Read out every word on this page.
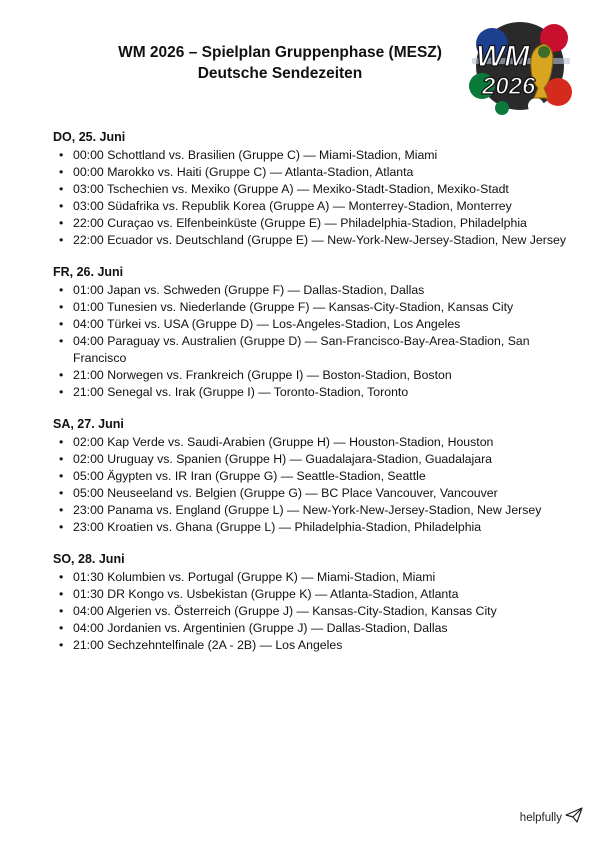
WM 2026 – Spielplan Gruppenphase (MESZ)
Deutsche Sendezeiten
WM
2026
DO, 25. Juni
• 00:00 Schottland vs. Brasilien (Gruppe C) — Miami-Stadion, Miami
• 00:00 Marokko vs. Haiti (Gruppe C) — Atlanta-Stadion, Atlanta
• 03:00 Tschechien vs. Mexiko (Gruppe A) — Mexiko-Stadt-Stadion, Mexiko-Stadt
• 03:00 Südafrika vs. Republik Korea (Gruppe A) — Monterrey-Stadion, Monterrey
• 22:00 Curaçao vs. Elfenbeinküste (Gruppe E) — Philadelphia-Stadion, Philadelphia
• 22:00 Ecuador vs. Deutschland (Gruppe E) — New-York-New-Jersey-Stadion, New Jersey
FR, 26. Juni
• 01:00 Japan vs. Schweden (Gruppe F) — Dallas-Stadion, Dallas
• 01:00 Tunesien vs. Niederlande (Gruppe F) — Kansas-City-Stadion, Kansas City
• 04:00 Türkei vs. USA (Gruppe D) — Los-Angeles-Stadion, Los Angeles
• 04:00 Paraguay vs. Australien (Gruppe D) — San-Francisco-Bay-Area-Stadion, San Francisco
• 21:00 Norwegen vs. Frankreich (Gruppe I) — Boston-Stadion, Boston
• 21:00 Senegal vs. Irak (Gruppe I) — Toronto-Stadion, Toronto
SA, 27. Juni
• 02:00 Kap Verde vs. Saudi-Arabien (Gruppe H) — Houston-Stadion, Houston
• 02:00 Uruguay vs. Spanien (Gruppe H) — Guadalajara-Stadion, Guadalajara
• 05:00 Ägypten vs. IR Iran (Gruppe G) — Seattle-Stadion, Seattle
• 05:00 Neuseeland vs. Belgien (Gruppe G) — BC Place Vancouver, Vancouver
• 23:00 Panama vs. England (Gruppe L) — New-York-New-Jersey-Stadion, New Jersey
• 23:00 Kroatien vs. Ghana (Gruppe L) — Philadelphia-Stadion, Philadelphia
SO, 28. Juni
• 01:30 Kolumbien vs. Portugal (Gruppe K) — Miami-Stadion, Miami
• 01:30 DR Kongo vs. Usbekistan (Gruppe K) — Atlanta-Stadion, Atlanta
• 04:00 Algerien vs. Österreich (Gruppe J) — Kansas-City-Stadion, Kansas City
• 04:00 Jordanien vs. Argentinien (Gruppe J) — Dallas-Stadion, Dallas
• 21:00 Sechzehntelfinale (2A - 2B) — Los Angeles
helpfully
